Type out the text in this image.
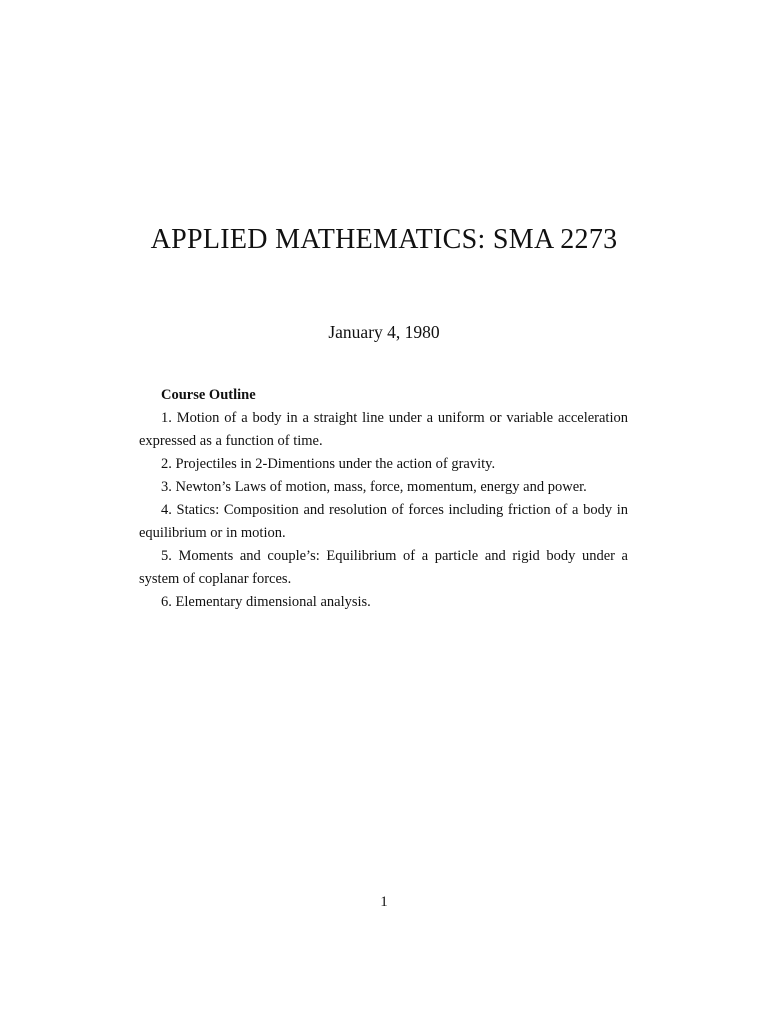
APPLIED MATHEMATICS: SMA 2273
January 4, 1980

Course Outline

1. Motion of a body in a straight line under a uniform or variable acceleration expressed as a function of time.
2. Projectiles in 2-Dimentions under the action of gravity.
3. Newton’s Laws of motion, mass, force, momentum, energy and power.
4. Statics: Composition and resolution of forces including friction of a body in equilibrium or in motion.
5. Moments and couple’s: Equilibrium of a particle and rigid body under a system of coplanar forces.
6. Elementary dimensional analysis.
1
